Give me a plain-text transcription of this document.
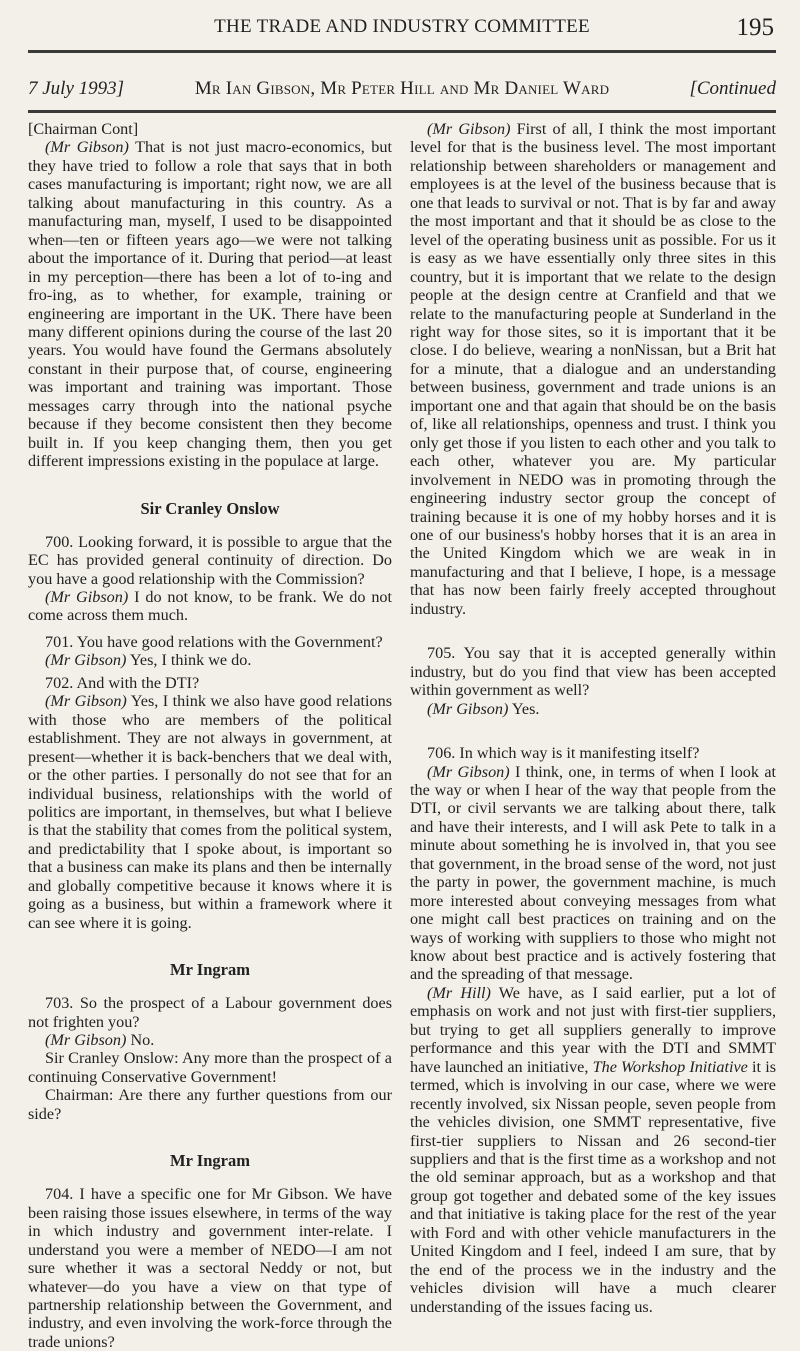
THE TRADE AND INDUSTRY COMMITTEE	195
7 July 1993]	Mr Ian Gibson, Mr Peter Hill and Mr Daniel Ward	[Continued

[Chairman Cont]

(Mr Gibson) That is not just macro-economics, but they have tried to follow a role that says that in both cases manufacturing is important; right now, we are all talking about manufacturing in this country. As a manufacturing man, myself, I used to be disappointed when—ten or fifteen years ago—we were not talking about the importance of it. During that period—at least in my perception—there has been a lot of to-ing and fro-ing, as to whether, for example, training or engineering are important in the UK. There have been many different opinions during the course of the last 20 years. You would have found the Germans absolutely constant in their purpose that, of course, engineering was important and training was important. Those messages carry through into the national psyche because if they become consistent then they become built in. If you keep changing them, then you get different impressions existing in the populace at large.

Sir Cranley Onslow

700. Looking forward, it is possible to argue that the EC has provided general continuity of direction. Do you have a good relationship with the Commission?

(Mr Gibson) I do not know, to be frank. We do not come across them much.

701. You have good relations with the Government?

(Mr Gibson) Yes, I think we do.

702. And with the DTI?

(Mr Gibson) Yes, I think we also have good relations with those who are members of the political establishment. They are not always in government, at present—whether it is back-benchers that we deal with, or the other parties. I personally do not see that for an individual business, relationships with the world of politics are important, in themselves, but what I believe is that the stability that comes from the political system, and predictability that I spoke about, is important so that a business can make its plans and then be internally and globally competitive because it knows where it is going as a business, but within a framework where it can see where it is going.

Mr Ingram

703. So the prospect of a Labour government does not frighten you?

(Mr Gibson) No.

Sir Cranley Onslow: Any more than the prospect of a continuing Conservative Government!

Chairman: Are there any further questions from our side?

Mr Ingram

704. I have a specific one for Mr Gibson. We have been raising those issues elsewhere, in terms of the way in which industry and government inter-relate. I understand you were a member of NEDO—I am not sure whether it was a sectoral Neddy or not, but whatever—do you have a view on that type of partnership relationship between the Government, and industry, and even involving the work-force through the trade unions?

(Mr Gibson) First of all, I think the most important level for that is the business level. The most important relationship between shareholders or management and employees is at the level of the business because that is one that leads to survival or not. That is by far and away the most important and that it should be as close to the level of the operating business unit as possible. For us it is easy as we have essentially only three sites in this country, but it is important that we relate to the design people at the design centre at Cranfield and that we relate to the manufacturing people at Sunderland in the right way for those sites, so it is important that it be close. I do believe, wearing a nonNissan, but a Brit hat for a minute, that a dialogue and an understanding between business, government and trade unions is an important one and that again that should be on the basis of, like all relationships, openness and trust. I think you only get those if you listen to each other and you talk to each other, whatever you are. My particular involvement in NEDO was in promoting through the engineering industry sector group the concept of training because it is one of my hobby horses and it is one of our business's hobby horses that it is an area in the United Kingdom which we are weak in in manufacturing and that I believe, I hope, is a message that has now been fairly freely accepted throughout industry.

705. You say that it is accepted generally within industry, but do you find that view has been accepted within government as well?

(Mr Gibson) Yes.

706. In which way is it manifesting itself?

(Mr Gibson) I think, one, in terms of when I look at the way or when I hear of the way that people from the DTI, or civil servants we are talking about there, talk and have their interests, and I will ask Pete to talk in a minute about something he is involved in, that you see that government, in the broad sense of the word, not just the party in power, the government machine, is much more interested about conveying messages from what one might call best practices on training and on the ways of working with suppliers to those who might not know about best practice and is actively fostering that and the spreading of that message.

(Mr Hill) We have, as I said earlier, put a lot of emphasis on work and not just with first-tier suppliers, but trying to get all suppliers generally to improve performance and this year with the DTI and SMMT have launched an initiative, The Workshop Initiative it is termed, which is involving in our case, where we were recently involved, six Nissan people, seven people from the vehicles division, one SMMT representative, five first-tier suppliers to Nissan and 26 second-tier suppliers and that is the first time as a workshop and not the old seminar approach, but as a workshop and that group got together and debated some of the key issues and that initiative is taking place for the rest of the year with Ford and with other vehicle manufacturers in the United Kingdom and I feel, indeed I am sure, that by the end of the process we in the industry and the vehicles division will have a much clearer understanding of the issues facing us.
